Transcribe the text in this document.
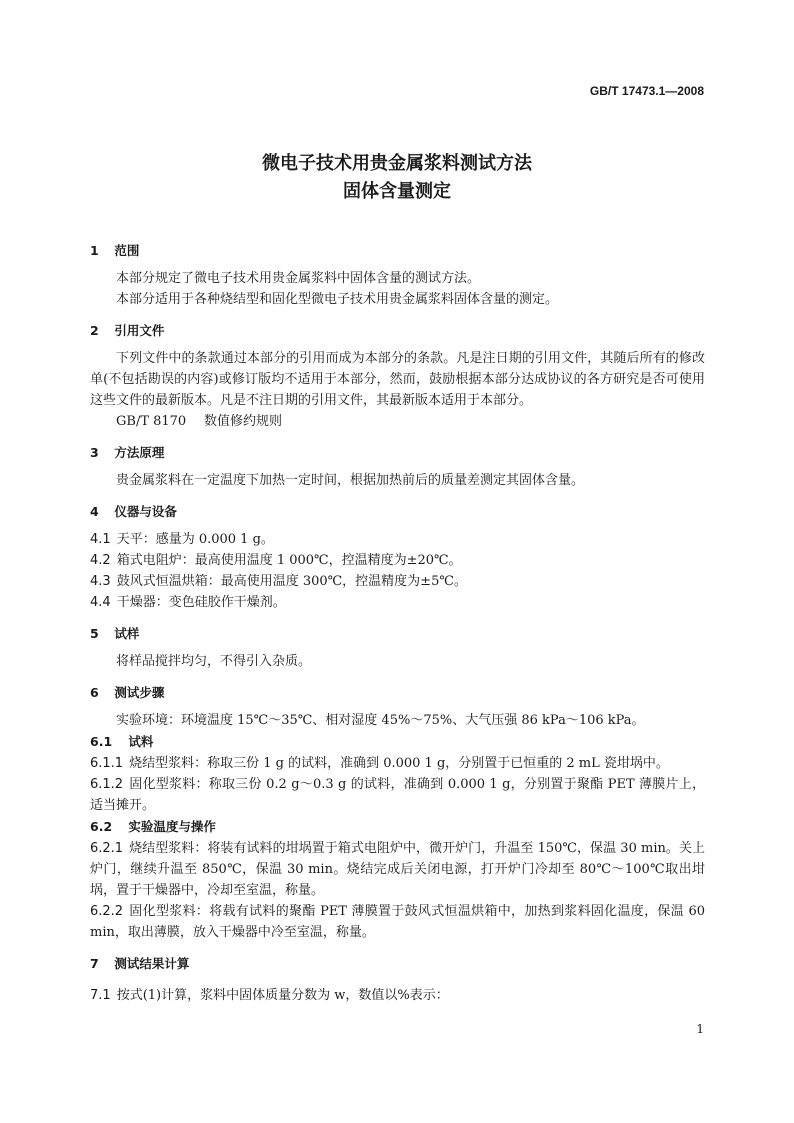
GB/T 17473.1—2008
微电子技术用贵金属浆料测试方法
固体含量测定
1 范围

本部分规定了微电子技术用贵金属浆料中固体含量的测试方法。

本部分适用于各种烧结型和固化型微电子技术用贵金属浆料固体含量的测定。

2 引用文件

下列文件中的条款通过本部分的引用而成为本部分的条款。凡是注日期的引用文件，其随后所有的修改单(不包括勘误的内容)或修订版均不适用于本部分，然而，鼓励根据本部分达成协议的各方研究是否可使用这些文件的最新版本。凡是不注日期的引用文件，其最新版本适用于本部分。

GB/T 8170 数值修约规则

3 方法原理

贵金属浆料在一定温度下加热一定时间，根据加热前后的质量差测定其固体含量。

4 仪器与设备

4.1 天平：感量为 0.000 1 g。

4.2 箱式电阻炉：最高使用温度 1 000℃，控温精度为±20℃。

4.3 鼓风式恒温烘箱：最高使用温度 300℃，控温精度为±5℃。

4.4 干燥器：变色硅胶作干燥剂。

5 试样

将样品搅拌均匀，不得引入杂质。

6 测试步骤

实验环境：环境温度 15℃～35℃、相对湿度 45%～75%、大气压强 86 kPa～106 kPa。

6.1 试料

6.1.1 烧结型浆料：称取三份 1 g 的试料，准确到 0.000 1 g，分别置于已恒重的 2 mL 瓷坩埚中。

6.1.2 固化型浆料：称取三份 0.2 g～0.3 g 的试料，准确到 0.000 1 g，分别置于聚酯 PET 薄膜片上，适当摊开。

6.2 实验温度与操作

6.2.1 烧结型浆料：将装有试料的坩埚置于箱式电阻炉中，微开炉门，升温至 150℃，保温 30 min。关上炉门，继续升温至 850℃，保温 30 min。烧结完成后关闭电源，打开炉门冷却至 80℃～100℃取出坩埚，置于干燥器中，冷却至室温，称量。

6.2.2 固化型浆料：将载有试料的聚酯 PET 薄膜置于鼓风式恒温烘箱中，加热到浆料固化温度，保温 60 min，取出薄膜，放入干燥器中冷至室温，称量。

7 测试结果计算

7.1 按式(1)计算，浆料中固体质量分数为 w，数值以%表示：

1
